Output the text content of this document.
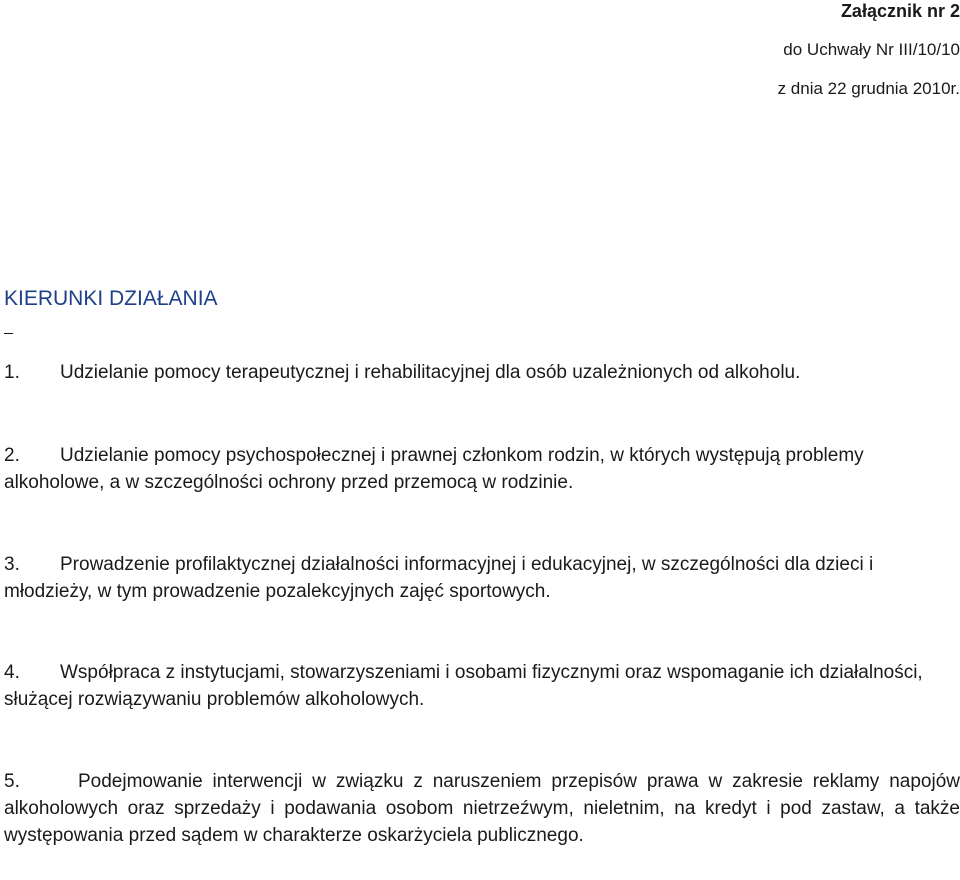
Załącznik nr 2
do Uchwały Nr III/10/10
z dnia 22 grudnia 2010r.
KIERUNKI DZIAŁANIA

1. Udzielanie pomocy terapeutycznej i rehabilitacyjnej dla osób uzależnionych od alkoholu.

2. Udzielanie pomocy psychospołecznej i prawnej członkom rodzin, w których występują problemy alkoholowe, a w szczególności ochrony przed przemocą w rodzinie.

3. Prowadzenie profilaktycznej działalności informacyjnej i edukacyjnej, w szczególności dla dzieci i młodzieży, w tym prowadzenie pozalekcyjnych zajęć sportowych.

4. Współpraca z instytucjami, stowarzyszeniami i osobami fizycznymi oraz wspomaganie ich działalności, służącej rozwiązywaniu problemów alkoholowych.

5.	Podejmowanie interwencji w związku z naruszeniem przepisów prawa w zakresie reklamy napojów alkoholowych oraz sprzedaży i podawania osobom nietrzeźwym, nieletnim, na kredyt i pod zastaw, a także występowania przed sądem w charakterze oskarżyciela publicznego.
